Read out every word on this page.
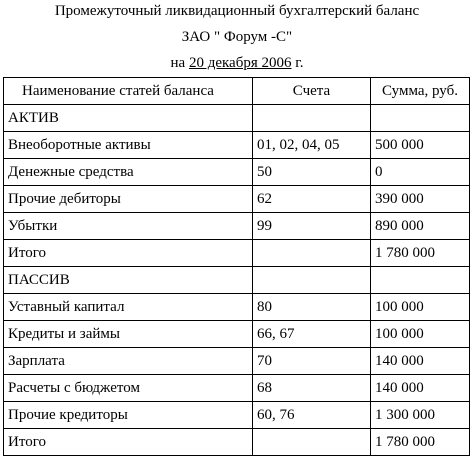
Промежуточный ликвидационный бухгалтерский баланс
ЗАО " Форум -С"
на 20 декабря 2006 г.
Наименование статей баланса	Счета	Сумма, руб.
АКТИВ		
Внеоборотные активы	01, 02, 04, 05	500 000
Денежные средства	50	0
Прочие дебиторы	62	390 000
Убытки	99	890 000
Итого		1 780 000
ПАССИВ		
Уставный капитал	80	100 000
Кредиты и займы	66, 67	100 000
Зарплата	70	140 000
Расчеты с бюджетом	68	140 000
Прочие кредиторы	60, 76	1 300 000
Итого		1 780 000
